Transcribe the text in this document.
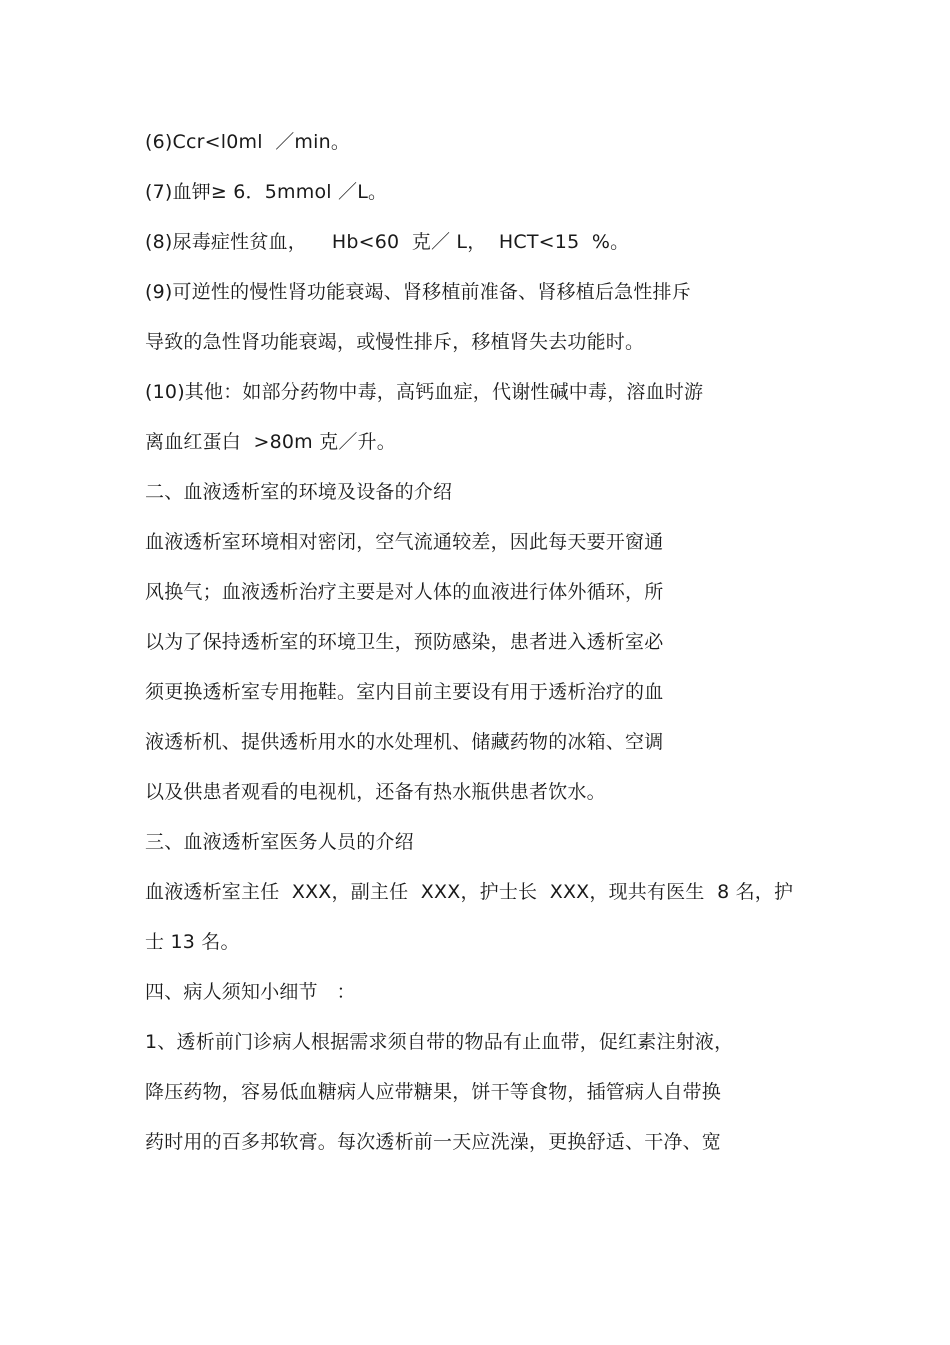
(6)Ccr<l0ml  ／min。
(7)血钾≥ 6．5mmol ／L。
(8)尿毒症性贫血，    Hb<60  克／ L，  HCT<15  %。
(9)可逆性的慢性肾功能衰竭、肾移植前准备、肾移植后急性排斥
导致的急性肾功能衰竭，或慢性排斥，移植肾失去功能时。
(10)其他：如部分药物中毒，高钙血症，代谢性碱中毒，溶血时游
离血红蛋白  >80m 克／升。
二、血液透析室的环境及设备的介绍
血液透析室环境相对密闭，空气流通较差，因此每天要开窗通
风换气；血液透析治疗主要是对人体的血液进行体外循环，所
以为了保持透析室的环境卫生，预防感染，患者进入透析室必
须更换透析室专用拖鞋。室内目前主要设有用于透析治疗的血
液透析机、提供透析用水的水处理机、储藏药物的冰箱、空调
以及供患者观看的电视机，还备有热水瓶供患者饮水。
三、血液透析室医务人员的介绍
血液透析室主任  XXX，副主任  XXX，护士长  XXX，现共有医生  8 名，护
士 13 名。
四、病人须知小细节   ：
1、透析前门诊病人根据需求须自带的物品有止血带，促红素注射液，
降压药物，容易低血糖病人应带糖果，饼干等食物，插管病人自带换
药时用的百多邦软膏。每次透析前一天应洗澡，更换舒适、干净、宽
